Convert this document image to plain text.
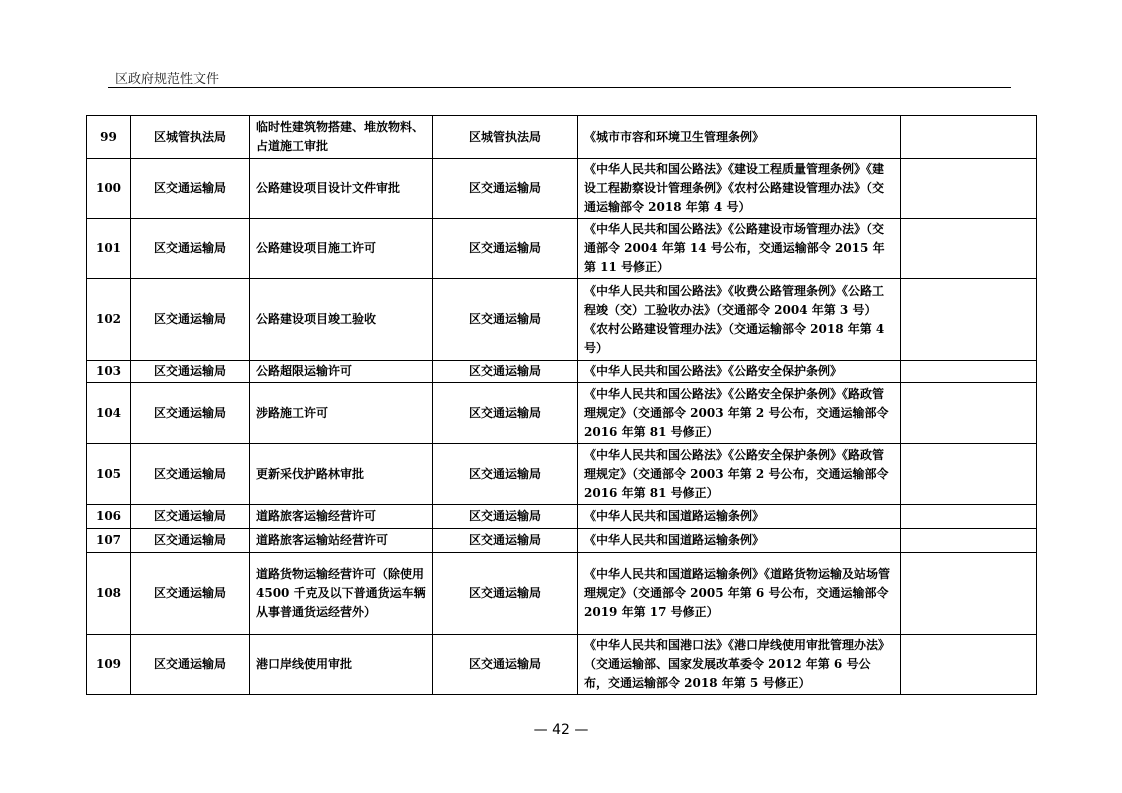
区政府规范性文件
99	区城管执法局	临时性建筑物搭建、堆放物料、占道施工审批	区城管执法局	《城市市容和环境卫生管理条例》	
100	区交通运输局	公路建设项目设计文件审批	区交通运输局	《中华人民共和国公路法》《建设工程质量管理条例》《建设工程勘察设计管理条例》《农村公路建设管理办法》（交通运输部令 2018 年第 4 号）	
101	区交通运输局	公路建设项目施工许可	区交通运输局	《中华人民共和国公路法》《公路建设市场管理办法》（交通部令 2004 年第 14 号公布，交通运输部令 2015 年第 11 号修正）	
102	区交通运输局	公路建设项目竣工验收	区交通运输局	《中华人民共和国公路法》《收费公路管理条例》《公路工程竣（交）工验收办法》（交通部令 2004 年第 3 号）《农村公路建设管理办法》（交通运输部令 2018 年第 4 号）	
103	区交通运输局	公路超限运输许可	区交通运输局	《中华人民共和国公路法》《公路安全保护条例》	
104	区交通运输局	涉路施工许可	区交通运输局	《中华人民共和国公路法》《公路安全保护条例》《路政管理规定》（交通部令 2003 年第 2 号公布，交通运输部令 2016 年第 81 号修正）	
105	区交通运输局	更新采伐护路林审批	区交通运输局	《中华人民共和国公路法》《公路安全保护条例》《路政管理规定》（交通部令 2003 年第 2 号公布，交通运输部令 2016 年第 81 号修正）	
106	区交通运输局	道路旅客运输经营许可	区交通运输局	《中华人民共和国道路运输条例》	
107	区交通运输局	道路旅客运输站经营许可	区交通运输局	《中华人民共和国道路运输条例》	
108	区交通运输局	道路货物运输经营许可（除使用 4500 千克及以下普通货运车辆从事普通货运经营外）	区交通运输局	《中华人民共和国道路运输条例》《道路货物运输及站场管理规定》（交通部令 2005 年第 6 号公布，交通运输部令 2019 年第 17 号修正）	
109	区交通运输局	港口岸线使用审批	区交通运输局	《中华人民共和国港口法》《港口岸线使用审批管理办法》（交通运输部、国家发展改革委令 2012 年第 6 号公布，交通运输部令 2018 年第 5 号修正）	
— 42 —
